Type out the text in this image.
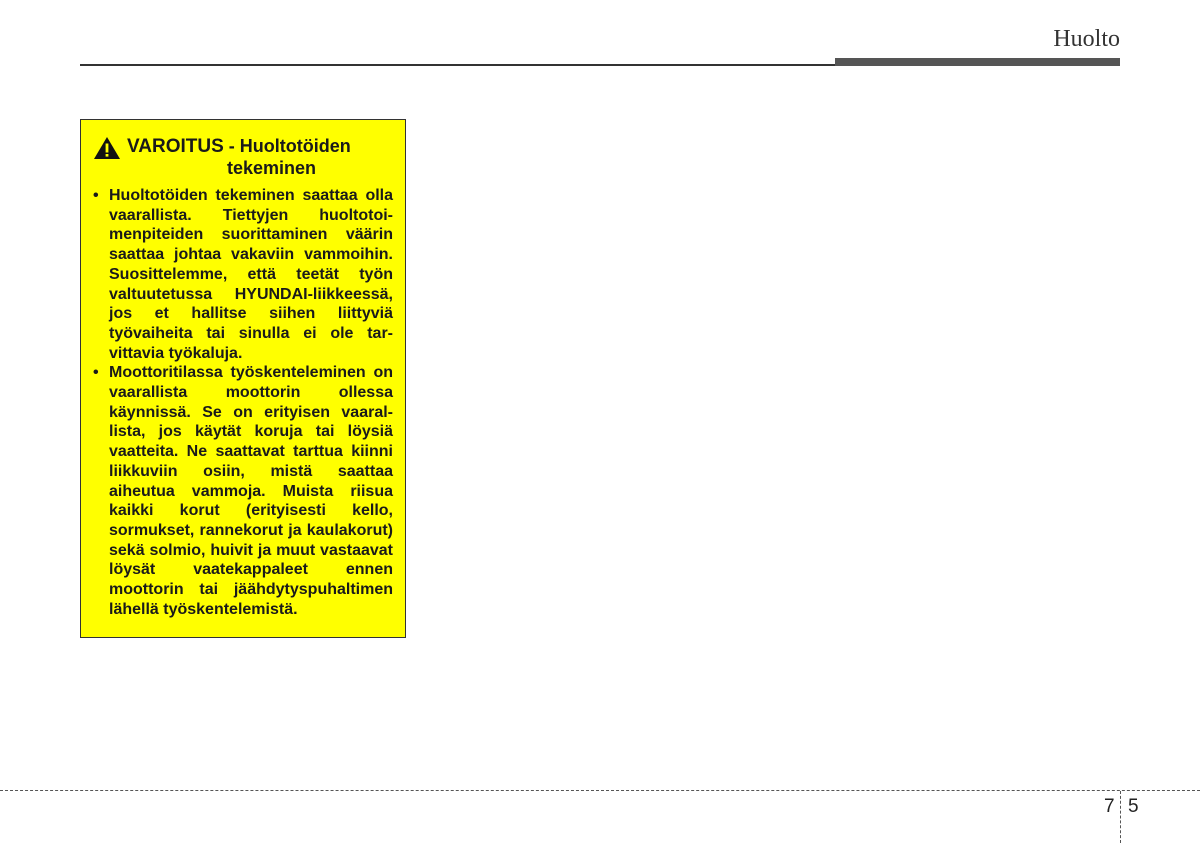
Huolto
VAROITUS - Huoltotöiden
tekeminen
• Huoltotöiden tekeminen saattaa olla vaarallista. Tiettyjen huoltotoimenpiteiden suorittaminen väärin saattaa johtaa vakaviin vammoihin. Suosittelemme, että teetät työn valtuutetussa HYUNDAI-liikkeessä, jos et hallitse siihen liittyviä työvaiheita tai sinulla ei ole tarvittavia työkaluja.
• Moottoritilassa työskenteleminen on vaarallista moottorin ollessa käynnissä. Se on erityisen vaarallista, jos käytät koruja tai löysiä vaatteita. Ne saattavat tarttua kiinni liikkuviin osiin, mistä saattaa aiheutua vammoja. Muista riisua kaikki korut (erityisesti kello, sormukset, rannekorut ja kaulakorut) sekä solmio, huivit ja muut vastaavat löysät vaatekappaleet ennen moottorin tai jäähdytyspuhaltimen lähellä työskentelemistä.
7 5
